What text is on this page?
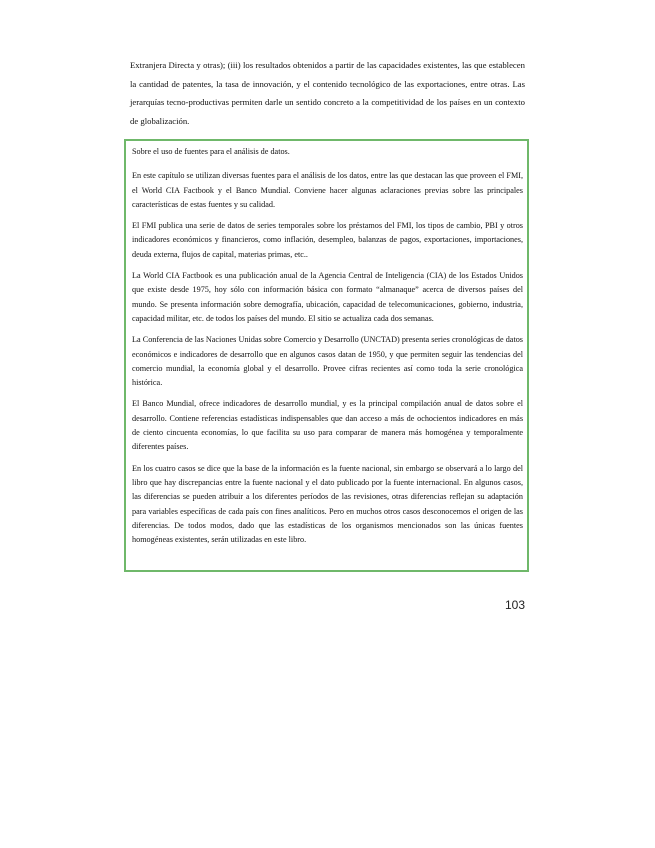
Extranjera Directa y otras); (iii) los resultados obtenidos a partir de las capacidades existentes, las que establecen la cantidad de patentes, la tasa de innovación, y el contenido tecnológico de las exportaciones, entre otras. Las jerarquías tecno-productivas permiten darle un sentido concreto a la competitividad de los países en un contexto de globalización.

Sobre el uso de fuentes para el análisis de datos.

En este capítulo se utilizan diversas fuentes para el análisis de los datos, entre las que destacan las que proveen el FMI, el World CIA Factbook y el Banco Mundial. Conviene hacer algunas aclaraciones previas sobre las principales características de estas fuentes y su calidad.

El FMI publica una serie de datos de series temporales sobre los préstamos del FMI, los tipos de cambio, PBI y otros indicadores económicos y financieros, como inflación, desempleo, balanzas de pagos, exportaciones, importaciones, deuda externa, flujos de capital, materias primas, etc..

La World CIA Factbook es una publicación anual de la Agencia Central de Inteligencia (CIA) de los Estados Unidos que existe desde 1975, hoy sólo con información básica con formato “almanaque” acerca de diversos países del mundo. Se presenta información sobre demografía, ubicación, capacidad de telecomunicaciones, gobierno, industria, capacidad militar, etc. de todos los países del mundo. El sitio se actualiza cada dos semanas.

La Conferencia de las Naciones Unidas sobre Comercio y Desarrollo (UNCTAD) presenta series cronológicas de datos económicos e indicadores de desarrollo que en algunos casos datan de 1950, y que permiten seguir las tendencias del comercio mundial, la economía global y el desarrollo. Provee cifras recientes así como toda la serie cronológica histórica.

El Banco Mundial, ofrece indicadores de desarrollo mundial, y es la principal compilación anual de datos sobre el desarrollo. Contiene referencias estadísticas indispensables que dan acceso a más de ochocientos indicadores en más de ciento cincuenta economías, lo que facilita su uso para comparar de manera más homogénea y temporalmente diferentes países.

En los cuatro casos se dice que la base de la información es la fuente nacional, sin embargo se observará a lo largo del libro que hay discrepancias entre la fuente nacional y el dato publicado por la fuente internacional. En algunos casos, las diferencias se pueden atribuir a los diferentes períodos de las revisiones, otras diferencias reflejan su adaptación para variables específicas de cada país con fines analíticos. Pero en muchos otros casos desconocemos el origen de las diferencias. De todos modos, dado que las estadísticas de los organismos mencionados son las únicas fuentes homogéneas existentes, serán utilizadas en este libro.

103
